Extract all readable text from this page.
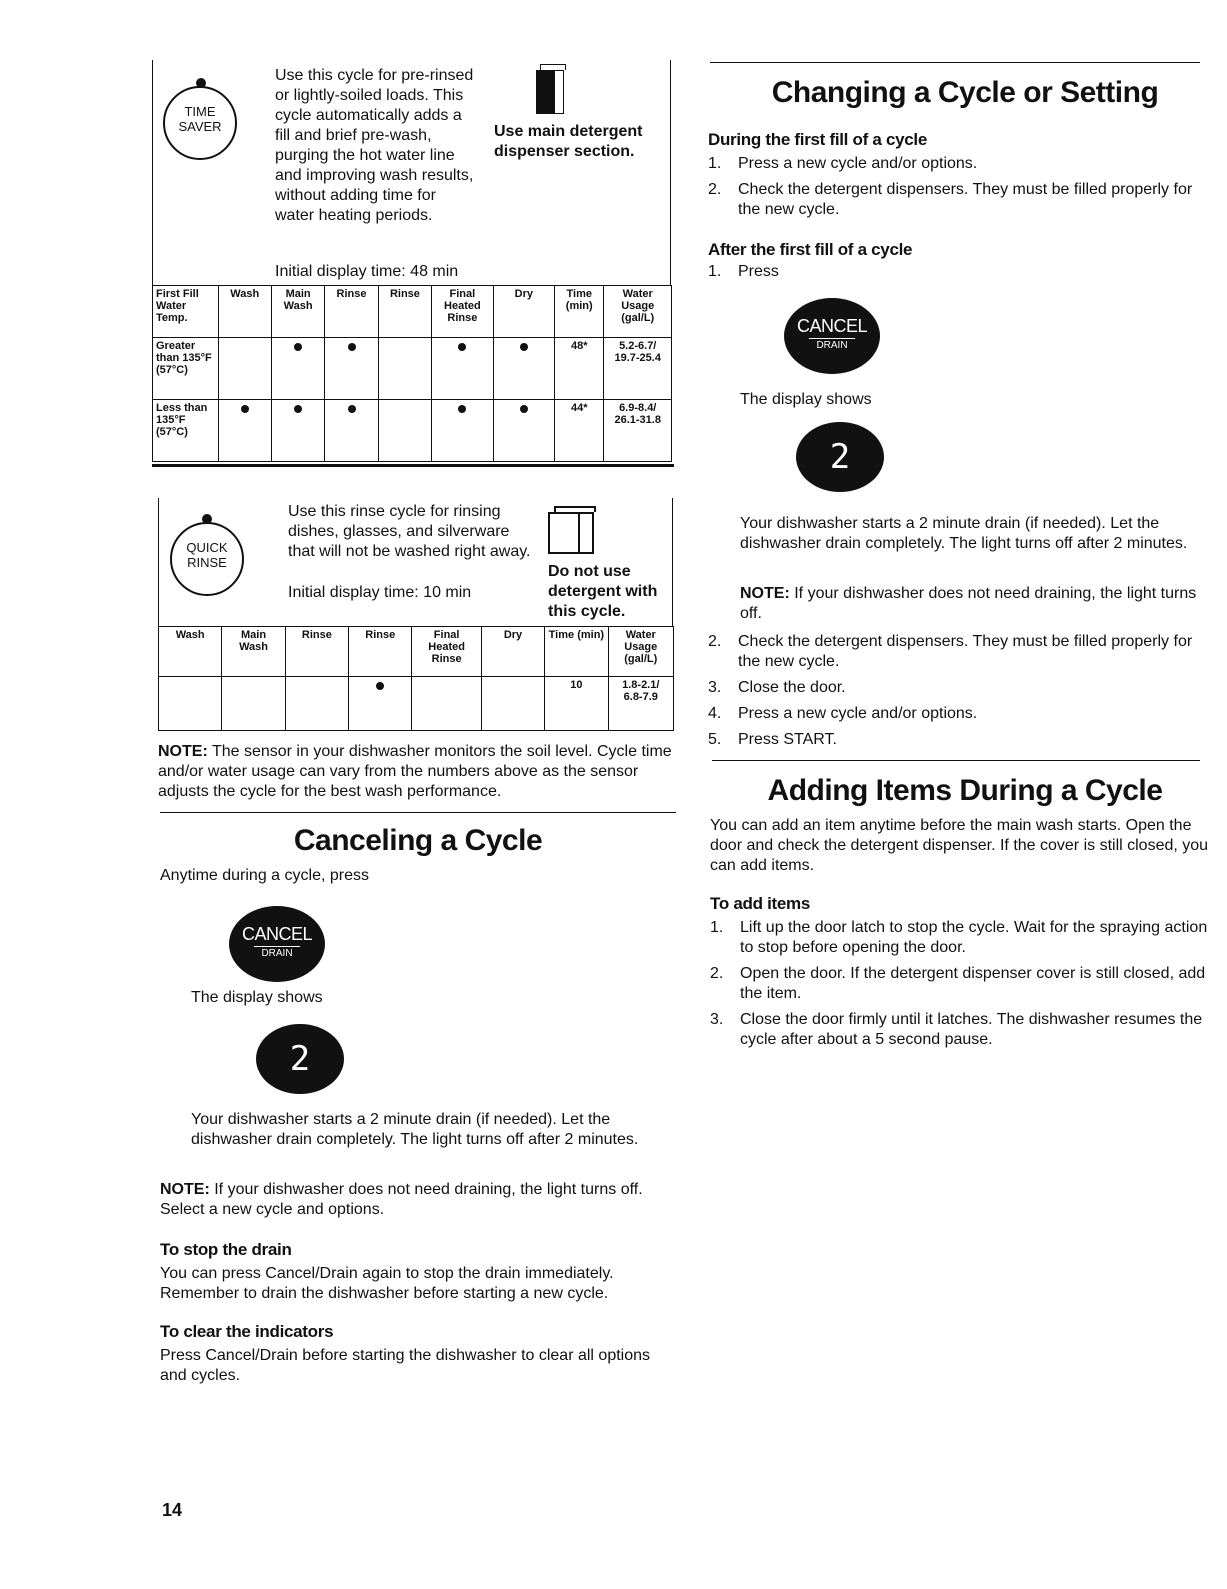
TIME
SAVER
Use this cycle for pre-rinsed or lightly-soiled loads. This cycle automatically adds a fill and brief pre-wash, purging the hot water line and improving wash results, without adding time for water heating periods.
Initial display time: 48 min
Use main detergent dispenser section.
First Fill Water Temp.	Wash	Main Wash	Rinse	Rinse	Final Heated Rinse	Dry	Time (min)	Water Usage (gal/L)
Greater than 135°F (57°C)							48*	5.2-6.7/ 19.7-25.4
Less than 135°F (57°C)							44*	6.9-8.4/ 26.1-31.8
QUICK
RINSE
Use this rinse cycle for rinsing dishes, glasses, and silverware that will not be washed right away.
Initial display time: 10 min
Do not use detergent with this cycle.
Wash	Main Wash	Rinse	Rinse	Final Heated Rinse	Dry	Time (min)	Water Usage (gal/L)
						10	1.8-2.1/ 6.8-7.9
NOTE: The sensor in your dishwasher monitors the soil level. Cycle time and/or water usage can vary from the numbers above as the sensor adjusts the cycle for the best wash performance.
Canceling a Cycle
Anytime during a cycle, press
CANCEL
DRAIN
The display shows
2
Your dishwasher starts a 2 minute drain (if needed). Let the dishwasher drain completely. The light turns off after 2 minutes.
NOTE: If your dishwasher does not need draining, the light turns off. Select a new cycle and options.
To stop the drain
You can press Cancel/Drain again to stop the drain immediately. Remember to drain the dishwasher before starting a new cycle.
To clear the indicators
Press Cancel/Drain before starting the dishwasher to clear all options and cycles.
14
Changing a Cycle or Setting
During the first fill of a cycle
1. Press a new cycle and/or options.
2. Check the detergent dispensers. They must be filled properly for the new cycle.
After the first fill of a cycle
1. Press
CANCEL
DRAIN
The display shows
2
Your dishwasher starts a 2 minute drain (if needed). Let the dishwasher drain completely. The light turns off after 2 minutes.
NOTE: If your dishwasher does not need draining, the light turns off.
2. Check the detergent dispensers. They must be filled properly for the new cycle.
3. Close the door.
4. Press a new cycle and/or options.
5. Press START.
Adding Items During a Cycle
You can add an item anytime before the main wash starts. Open the door and check the detergent dispenser. If the cover is still closed, you can add items.
To add items
1. Lift up the door latch to stop the cycle. Wait for the spraying action to stop before opening the door.
2. Open the door. If the detergent dispenser cover is still closed, add the item.
3. Close the door firmly until it latches. The dishwasher resumes the cycle after about a 5 second pause.
